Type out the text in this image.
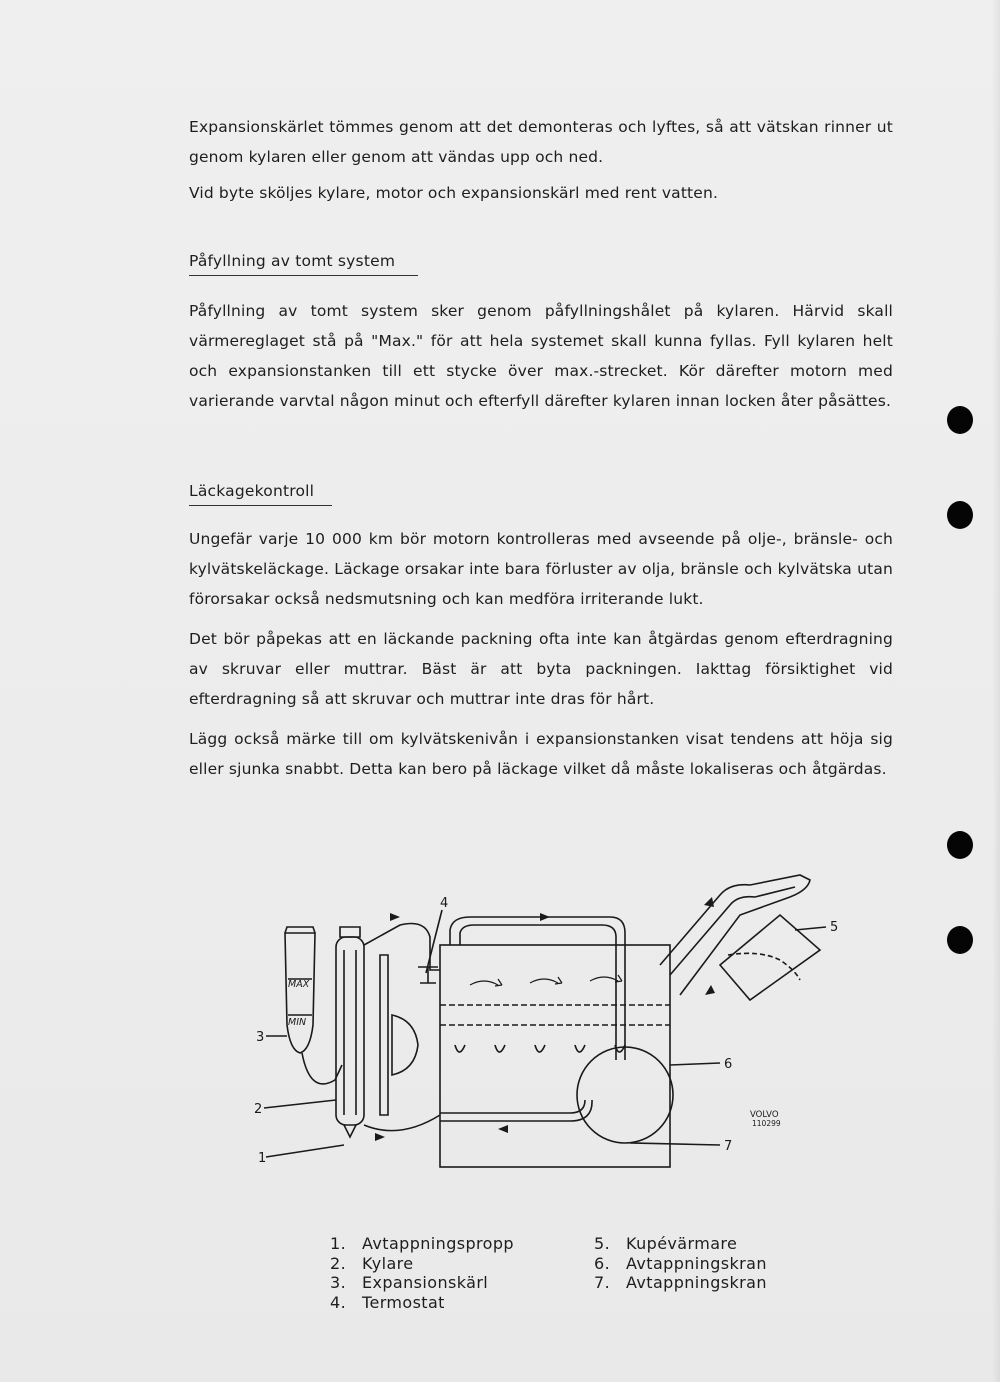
Expansionskärlet tömmes genom att det demonteras och lyftes, så att vätskan rinner ut genom kylaren eller genom att vändas upp och ned.

Vid byte sköljes kylare, motor och expansionskärl med rent vatten.

Påfyllning av tomt system

Påfyllning av tomt system sker genom påfyllningshålet på kylaren. Härvid skall värmereglaget stå på "Max." för att hela systemet skall kunna fyllas. Fyll kylaren helt och expansionstanken till ett stycke över max.-strecket. Kör därefter motorn med varierande varvtal någon minut och efterfyll därefter kylaren innan locken åter påsättes.

Läckagekontroll

Ungefär varje 10 000 km bör motorn kontrolleras med avseende på olje-, bränsle- och kylvätskeläckage. Läckage orsakar inte bara förluster av olja, bränsle och kylvätska utan förorsakar också nedsmutsning och kan medföra irriterande lukt.

Det bör påpekas att en läckande packning ofta inte kan åtgärdas genom efterdragning av skruvar eller muttrar. Bäst är att byta packningen. Iakttag försiktighet vid efterdragning så att skruvar och muttrar inte dras för hårt.

Lägg också märke till om kylvätskenivån i expansionstanken visat tendens att höja sig eller sjunka snabbt. Detta kan bero på läckage vilket då måste lokaliseras och åtgärdas.

MAX
MIN
1
2
3
4
5
6
7
VOLVO
110299
1. Avtappningspropp
2. Kylare
3. Expansionskärl
4. Termostat
5. Kupévärmare
6. Avtappningskran
7. Avtappningskran
